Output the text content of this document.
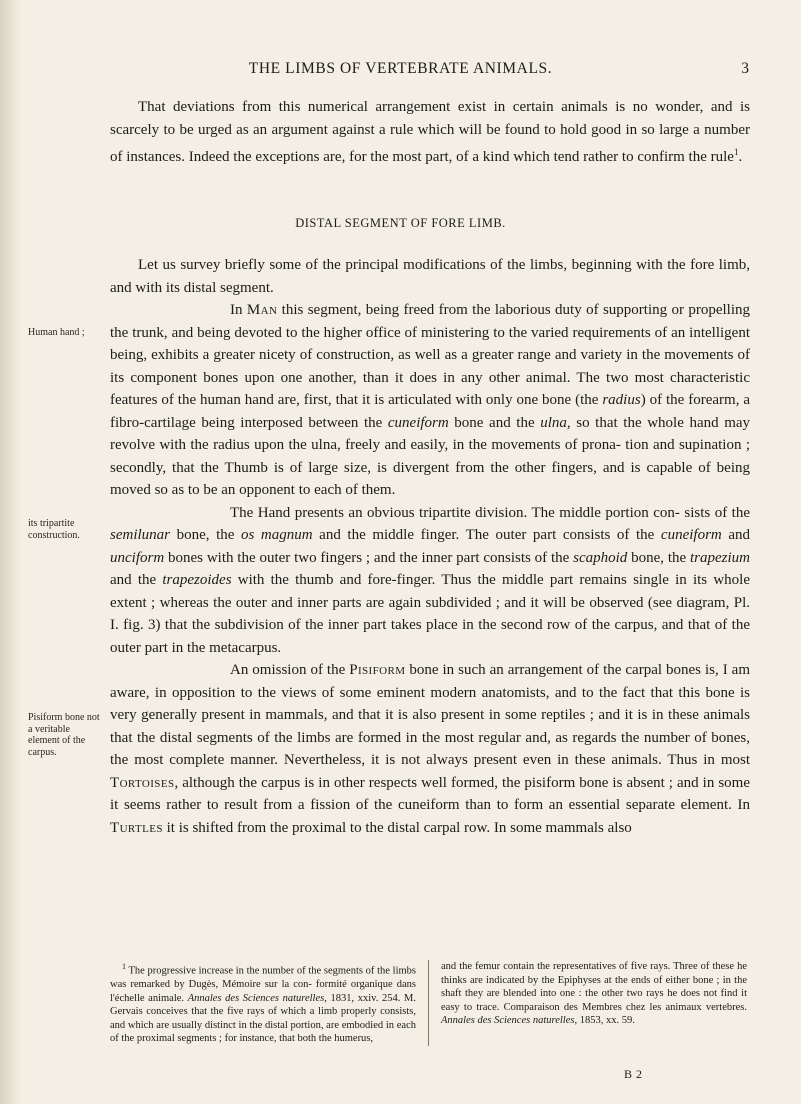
THE LIMBS OF VERTEBRATE ANIMALS.	3

That deviations from this numerical arrangement exist in certain animals is no wonder, and is scarcely to be urged as an argument against a rule which will be found to hold good in so large a number of instances. Indeed the exceptions are, for the most part, of a kind which tend rather to confirm the rule$^1$.

DISTAL SEGMENT OF FORE LIMB.

Let us survey briefly some of the principal modifications of the limbs, beginning with the fore limb, and with its distal segment.

In Man this segment, being freed from the laborious duty of supporting or propelling the trunk, and being devoted to the higher office of ministering to the varied requirements of an intelligent being, exhibits a greater nicety of construction, as well as a greater range and variety in the movements of its component bones upon one another, than it does in any other animal. The two most characteristic features of the human hand are, first, that it is articulated with only one bone (the radius) of the forearm, a fibro-cartilage being interposed between the cuneiform bone and the ulna, so that the whole hand may revolve with the radius upon the ulna, freely and easily, in the movements of prona- tion and supination ; secondly, that the Thumb is of large size, is divergent from the other fingers, and is capable of being moved so as to be an opponent to each of them.

The Hand presents an obvious tripartite division. The middle portion con- sists of the semilunar bone, the os magnum and the middle finger. The outer part consists of the cuneiform and unciform bones with the outer two fingers ; and the inner part consists of the scaphoid bone, the trapezium and the trapezoides with the thumb and fore-finger. Thus the middle part remains single in its whole extent ; whereas the outer and inner parts are again subdivided ; and it will be observed (see diagram, Pl. I. fig. 3) that the subdivision of the inner part takes place in the second row of the carpus, and that of the outer part in the metacarpus.

An omission of the Pisiform bone in such an arrangement of the carpal bones is, I am aware, in opposition to the views of some eminent modern anatomists, and to the fact that this bone is very generally present in mammals, and that it is also present in some reptiles ; and it is in these animals that the distal segments of the limbs are formed in the most regular and, as regards the number of bones, the most complete manner. Nevertheless, it is not always present even in these animals. Thus in most Tortoises, although the carpus is in other respects well formed, the pisiform bone is absent ; and in some it seems rather to result from a fission of the cuneiform than to form an essential separate element. In Turtles it is shifted from the proximal to the distal carpal row. In some mammals also

Human hand ;
its tripartite construction.
Pisiform bone not a veritable element of the carpus.

$^1$ The progressive increase in the number of the segments of the limbs was remarked by Dugès, Mémoire sur la con- formité organique dans l'échelle animale. Annales des Sciences naturelles, 1831, xxiv. 254. M. Gervais conceives that the five rays of which a limb properly consists, and which are usually distinct in the distal portion, are embodied in each of the proximal segments ; for instance, that both the humerus,

and the femur contain the representatives of five rays. Three of these he thinks are indicated by the Epiphyses at the ends of either bone ; in the shaft they are blended into one : the other two rays he does not find it easy to trace. Comparaison des Membres chez les animaux vertebres. Annales des Sciences naturelles, 1853, xx. 59.

B 2
